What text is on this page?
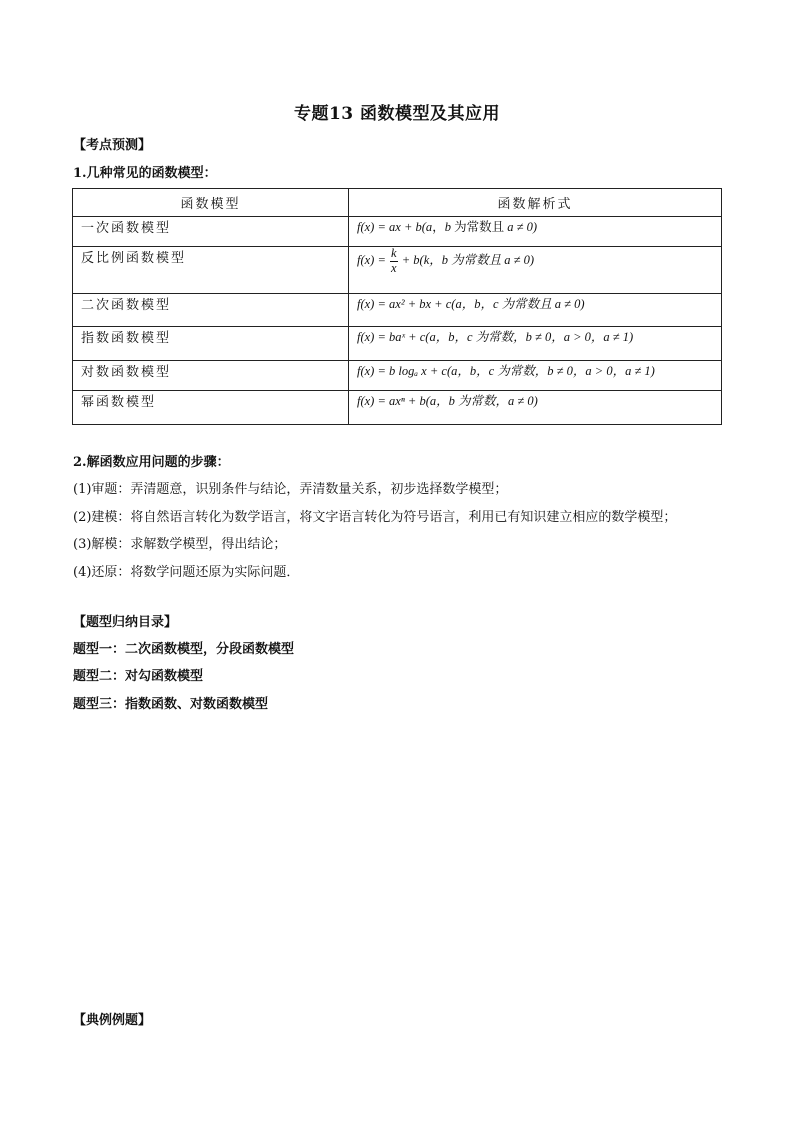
专题13 函数模型及其应用
【考点预测】
1.几种常见的函数模型：
函数模型	函数解析式
一次函数模型	f(x) = ax + b(a，b 为常数且 a ≠ 0)
反比例函数模型	$f(x) = \frac{k}{x} + b(k$，b 为常数且 a ≠ 0)
二次函数模型	f(x) = ax² + bx + c(a，b，c 为常数且 a ≠ 0)
指数函数模型	f(x) = baˣ + c(a，b，c 为常数，b ≠ 0，a > 0，a ≠ 1)
对数函数模型	f(x) = b logₐ x + c(a，b，c 为常数，b ≠ 0，a > 0，a ≠ 1)
幂函数模型	f(x) = axⁿ + b(a，b 为常数，a ≠ 0)
2.解函数应用问题的步骤：
(1)审题：弄清题意，识别条件与结论，弄清数量关系，初步选择数学模型；
(2)建模：将自然语言转化为数学语言，将文字语言转化为符号语言，利用已有知识建立相应的数学模型；
(3)解模：求解数学模型，得出结论；
(4)还原：将数学问题还原为实际问题．
【题型归纳目录】
题型一：二次函数模型，分段函数模型
题型二：对勾函数模型
题型三：指数函数、对数函数模型
【典例例题】
